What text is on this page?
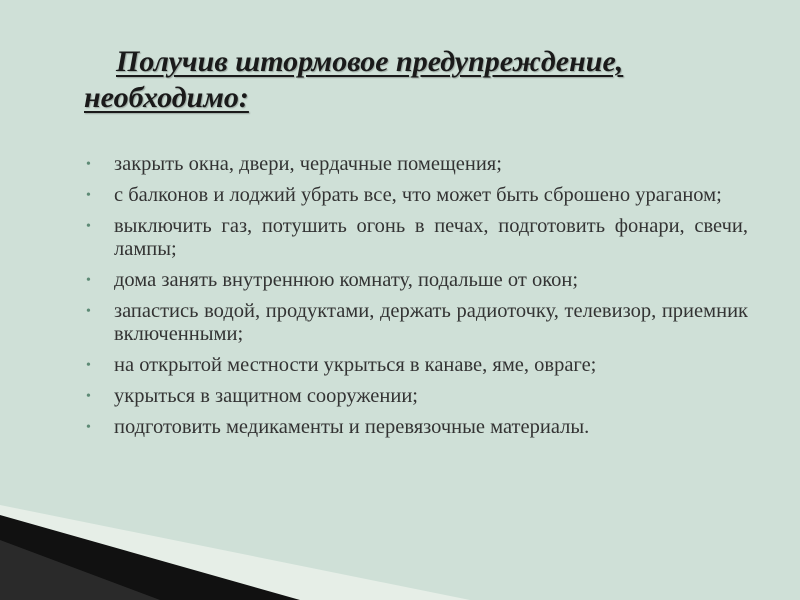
Получив штормовое предупреждение, необходимо:
• закрыть окна, двери, чердачные помещения;
• с балконов и лоджий убрать все, что может быть сброшено ураганом;
• выключить газ, потушить огонь в печах, подготовить фонари, свечи, лампы;
• дома занять внутреннюю комнату, подальше от окон;
• запастись водой, продуктами, держать радиоточку, телевизор, приемник включенными;
• на открытой местности укрыться в канаве, яме, овраге;
• укрыться в защитном сооружении;
• подготовить медикаменты и перевязочные материалы.
